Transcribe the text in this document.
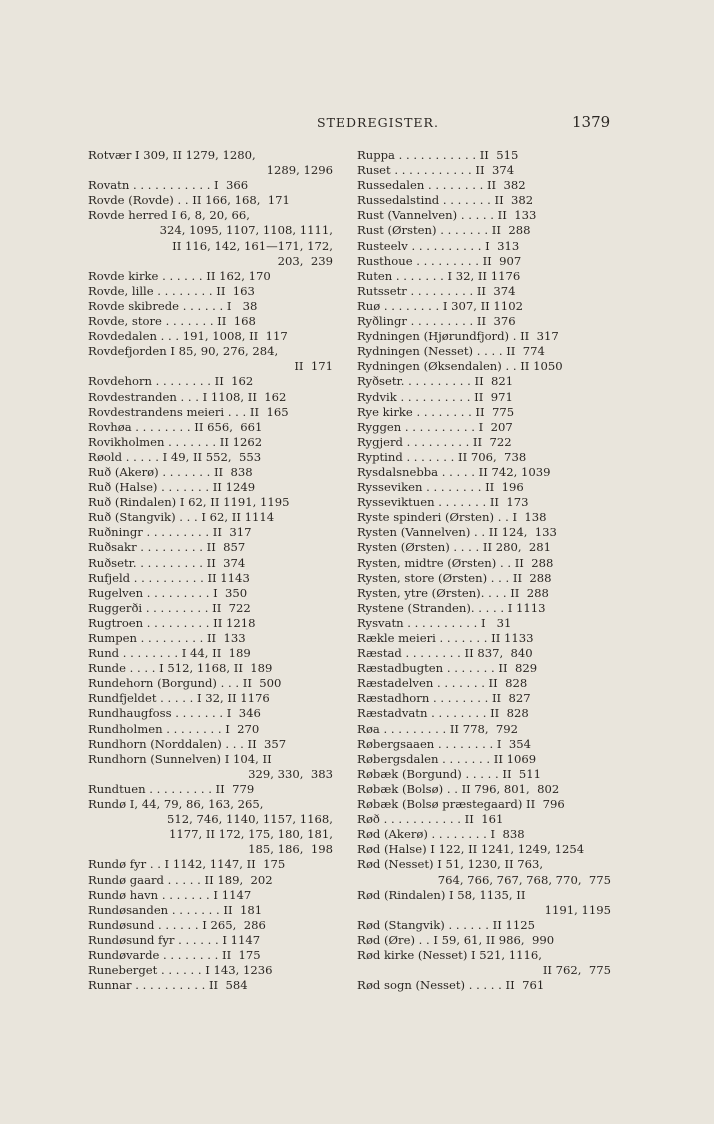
STEDREGISTER.	1379
Rotvær I 309, II 1279, 1280,
1289, 1296
Rovatn . . . . . . . . . . . I  366
Rovde (Rovde) . . II 166, 168,  171
Rovde herred I 6, 8, 20, 66,
324, 1095, 1107, 1108, 1111,
II 116, 142, 161—171, 172,
203,  239
Rovde kirke . . . . . . II 162, 170
Rovde, lille . . . . . . . . II  163
Rovde skibrede . . . . . . I   38
Rovde, store . . . . . . . II  168
Rovdedalen . . . 191, 1008, II  117
Rovdefjorden I 85, 90, 276, 284,
II  171
Rovdehorn . . . . . . . . II  162
Rovdestranden . . . I 1108, II  162
Rovdestrandens meieri . . . II  165
Rovhøa . . . . . . . . II 656,  661
Rovikholmen . . . . . . . II 1262
Røold . . . . . I 49, II 552,  553
Ruð (Akerø) . . . . . . . II  838
Ruð (Halse) . . . . . . . II 1249
Ruð (Rindalen) I 62, II 1191, 1195
Ruð (Stangvik) . . . I 62, II 1114
Ruðningr . . . . . . . . . II  317
Ruðsakr . . . . . . . . . II  857
Ruðsetr. . . . . . . . . . II  374
Rufjeld . . . . . . . . . . II 1143
Rugelven . . . . . . . . . I  350
Ruggerði . . . . . . . . . II  722
Rugtroen . . . . . . . . . II 1218
Rumpen . . . . . . . . . II  133
Rund . . . . . . . . I 44, II  189
Runde . . . . I 512, 1168, II  189
Rundehorn (Borgund) . . . II  500
Rundfjeldet . . . . . I 32, II 1176
Rundhaugfoss . . . . . . . I  346
Rundholmen . . . . . . . . I  270
Rundhorn (Norddalen) . . . II  357
Rundhorn (Sunnelven) I 104, II
329, 330,  383
Rundtuen . . . . . . . . . II  779
Rundø I, 44, 79, 86, 163, 265,
512, 746, 1140, 1157, 1168,
1177, II 172, 175, 180, 181,
185, 186,  198
Rundø fyr . . I 1142, 1147, II  175
Rundø gaard . . . . . II 189,  202
Rundø havn . . . . . . . I 1147
Rundøsanden . . . . . . . II  181
Rundøsund . . . . . . I 265,  286
Rundøsund fyr . . . . . . I 1147
Rundøvarde . . . . . . . . II  175
Runeberget . . . . . . I 143, 1236
Runnar . . . . . . . . . . II  584
Ruppa . . . . . . . . . . . II  515
Ruset . . . . . . . . . . . II  374
Russedalen . . . . . . . . II  382
Russedalstind . . . . . . . II  382
Rust (Vannelven) . . . . . II  133
Rust (Ørsten) . . . . . . . II  288
Rusteelv . . . . . . . . . . I  313
Rusthoue . . . . . . . . . II  907
Ruten . . . . . . . I 32, II 1176
Rutssetr . . . . . . . . . II  374
Ruø . . . . . . . . I 307, II 1102
Ryðlingr . . . . . . . . . II  376
Rydningen (Hjørundfjord) . II  317
Rydningen (Nesset) . . . . II  774
Rydningen (Øksendalen) . . II 1050
Ryðsetr. . . . . . . . . . II  821
Rydvik . . . . . . . . . . II  971
Rye kirke . . . . . . . . II  775
Ryggen . . . . . . . . . . I  207
Rygjerd . . . . . . . . . II  722
Ryptind . . . . . . . II 706,  738
Rysdalsnebba . . . . . II 742, 1039
Rysseviken . . . . . . . . II  196
Rysseviktuen . . . . . . . II  173
Ryste spinderi (Ørsten) . . I  138
Rysten (Vannelven) . . II 124,  133
Rysten (Ørsten) . . . . II 280,  281
Rysten, midtre (Ørsten) . . II  288
Rysten, store (Ørsten) . . . II  288
Rysten, ytre (Ørsten). . . . II  288
Rystene (Stranden). . . . . I 1113
Rysvatn . . . . . . . . . . I   31
Rækle meieri . . . . . . . II 1133
Ræstad . . . . . . . . II 837,  840
Ræstadbugten . . . . . . . II  829
Ræstadelven . . . . . . . II  828
Ræstadhorn . . . . . . . . II  827
Ræstadvatn . . . . . . . . II  828
Røa . . . . . . . . . II 778,  792
Røbergsaaen . . . . . . . . I  354
Røbergsdalen . . . . . . . II 1069
Røbæk (Borgund) . . . . . II  511
Røbæk (Bolsø) . . II 796, 801,  802
Røbæk (Bolsø præstegaard) II  796
Røð . . . . . . . . . . . II  161
Rød (Akerø) . . . . . . . . I  838
Rød (Halse) I 122, II 1241, 1249, 1254
Rød (Nesset) I 51, 1230, II 763,
764, 766, 767, 768, 770,  775
Rød (Rindalen) I 58, 1135, II
1191, 1195
Rød (Stangvik) . . . . . . II 1125
Rød (Øre) . . I 59, 61, II 986,  990
Rød kirke (Nesset) I 521, 1116,
II 762,  775
Rød sogn (Nesset) . . . . . II  761
